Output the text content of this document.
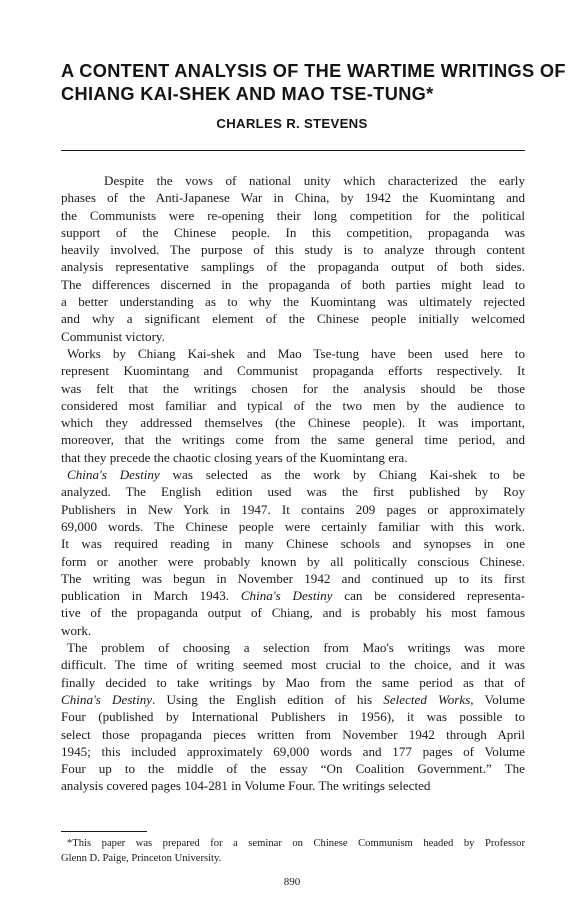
A CONTENT ANALYSIS OF THE WARTIME WRITINGS OF
CHIANG KAI-SHEK AND MAO TSE-TUNG*
CHARLES R. STEVENS
Despite the vows of national unity which characterized the early
phases of the Anti-Japanese War in China, by 1942 the Kuomintang and
the Communists were re-opening their long competition for the political
support of the Chinese people. In this competition, propaganda was
heavily involved. The purpose of this study is to analyze through content
analysis representative samplings of the propaganda output of both sides.
The differences discerned in the propaganda of both parties might lead to
a better understanding as to why the Kuomintang was ultimately rejected
and why a significant element of the Chinese people initially welcomed
Communist victory.
Works by Chiang Kai-shek and Mao Tse-tung have been used here to
represent Kuomintang and Communist propaganda efforts respectively. It
was felt that the writings chosen for the analysis should be those
considered most familiar and typical of the two men by the audience to
which they addressed themselves (the Chinese people). It was important,
moreover, that the writings come from the same general time period, and
that they precede the chaotic closing years of the Kuomintang era.
China's Destiny was selected as the work by Chiang Kai-shek to be
analyzed. The English edition used was the first published by Roy
Publishers in New York in 1947. It contains 209 pages or approximately
69,000 words. The Chinese people were certainly familiar with this work.
It was required reading in many Chinese schools and synopses in one
form or another were probably known by all politically conscious Chinese.
The writing was begun in November 1942 and continued up to its first
publication in March 1943. China's Destiny can be considered representa-
tive of the propaganda output of Chiang, and is probably his most famous
work.
The problem of choosing a selection from Mao's writings was more
difficult. The time of writing seemed most crucial to the choice, and it was
finally decided to take writings by Mao from the same period as that of
China's Destiny. Using the English edition of his Selected Works, Volume
Four (published by International Publishers in 1956), it was possible to
select those propaganda pieces written from November 1942 through April
1945; this included approximately 69,000 words and 177 pages of Volume
Four up to the middle of the essay “On Coalition Government.” The
analysis covered pages 104-281 in Volume Four. The writings selected
*This paper was prepared for a seminar on Chinese Communism headed by Professor
Glenn D. Paige, Princeton University.
890
